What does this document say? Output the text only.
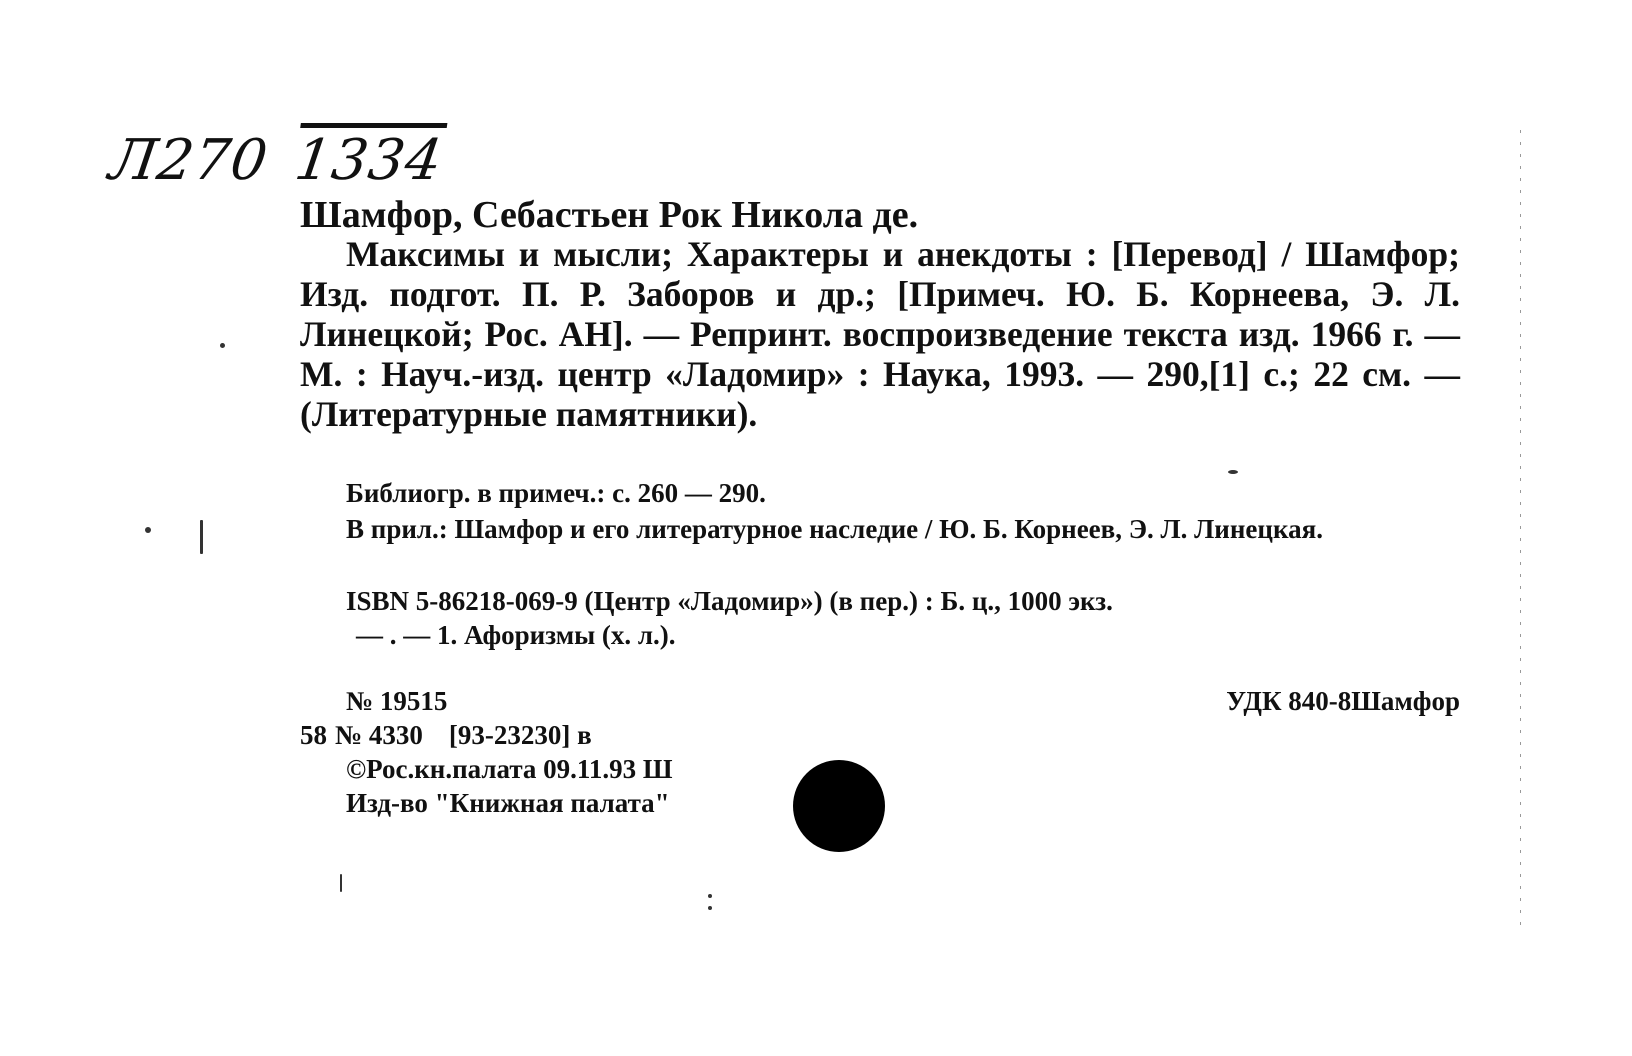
Л270 1334
Шамфор, Себастьен Рок Никола де.

Максимы и мысли; Характеры и анекдоты : [Перевод] / Шамфор; Изд. подгот. П. Р. Заборов и др.; [Примеч. Ю. Б. Корнеева, Э. Л. Линецкой; Рос. АН]. — Репринт. воспроизведение текста изд. 1966 г. — М. : Науч.-изд. центр «Ладомир» : Наука, 1993. — 290,[1] с.; 22 см. — (Литературные памятники).

Библиогр. в примеч.: с. 260 — 290.

В прил.: Шамфор и его литературное наследие / Ю. Б. Корнеев, Э. Л. Линецкая.

ISBN 5-86218-069-9 (Центр «Ладомир») (в пер.) : Б. ц., 1000 экз.

— . — 1. Афоризмы (х. л.).

№ 19515	УДК 840-8Шамфор

58 № 4330 [93-23230] в

©Рос.кн.палата 09.11.93 Ш

Изд-во "Книжная палата"
